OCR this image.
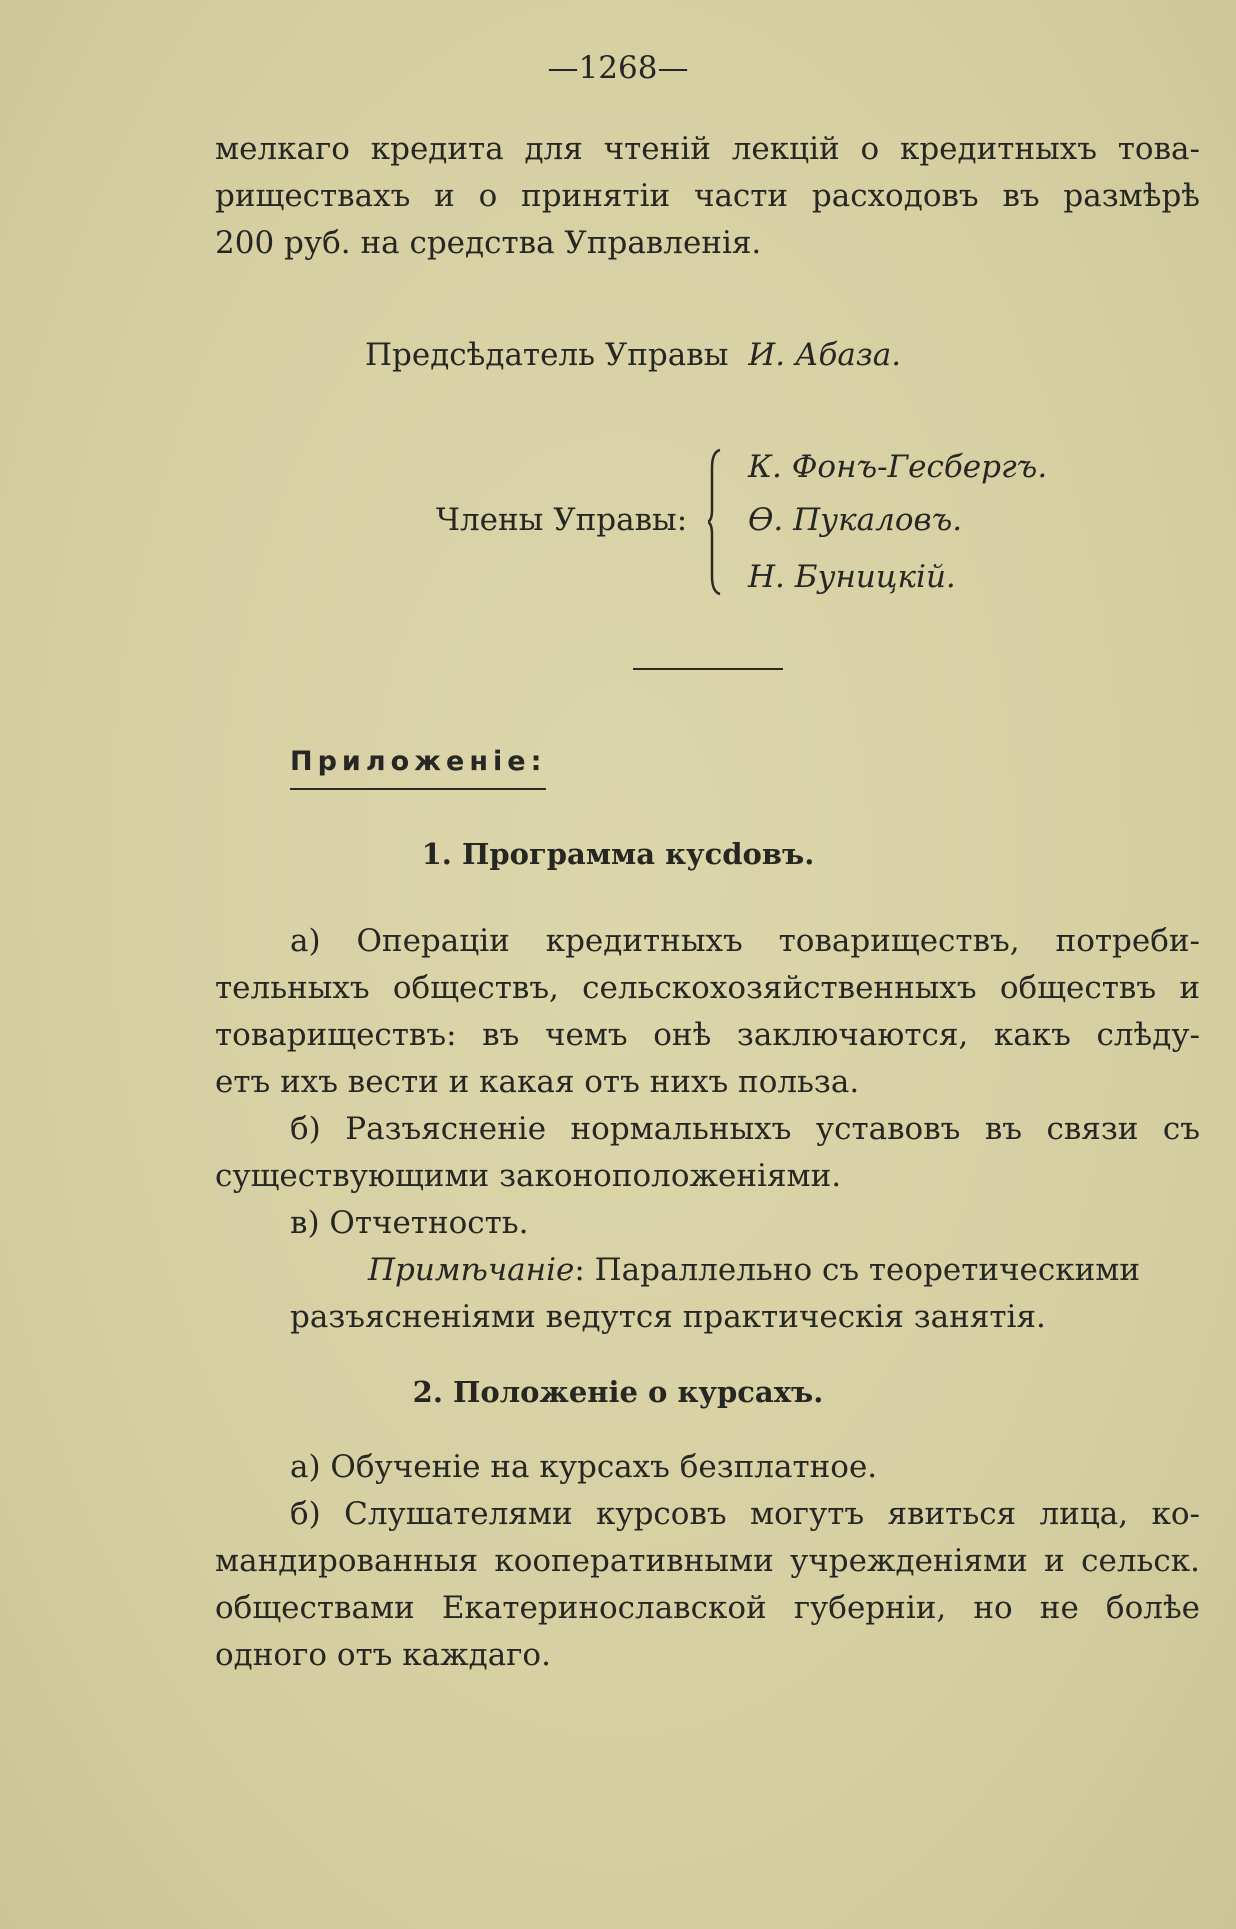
—1268—
мелкаго кредита для чтеній лекцій о кредитныхъ това-
риществахъ и о принятіи части расходовъ въ размѣрѣ
200 руб. на средства Управленія.
Предсѣдатель Управы И. Абаза.
Члены Управы:
К. Фонъ-Гесбергъ.
Ѳ. Пукаловъ.
Н. Буницкій.
Приложеніе:
1. Программа кусdовъ.
а) Операціи кредитныхъ товариществъ, потреби-
тельныхъ обществъ, сельскохозяйственныхъ обществъ и
товариществъ: въ чемъ онѣ заключаются, какъ слѣду-
етъ ихъ вести и какая отъ нихъ польза.
б) Разъясненіе нормальныхъ уставовъ въ связи съ
существующими законоположеніями.
в) Отчетность.
Примѣчаніе: Параллельно съ теоретическими
разъясненіями ведутся практическія занятія.
2. Положеніе о курсахъ.
а) Обученіе на курсахъ безплатное.
б) Слушателями курсовъ могутъ явиться лица, ко-
мандированныя кооперативными учрежденіями и сельск.
обществами Екатеринославской губерніи, но не болѣе
одного отъ каждаго.
